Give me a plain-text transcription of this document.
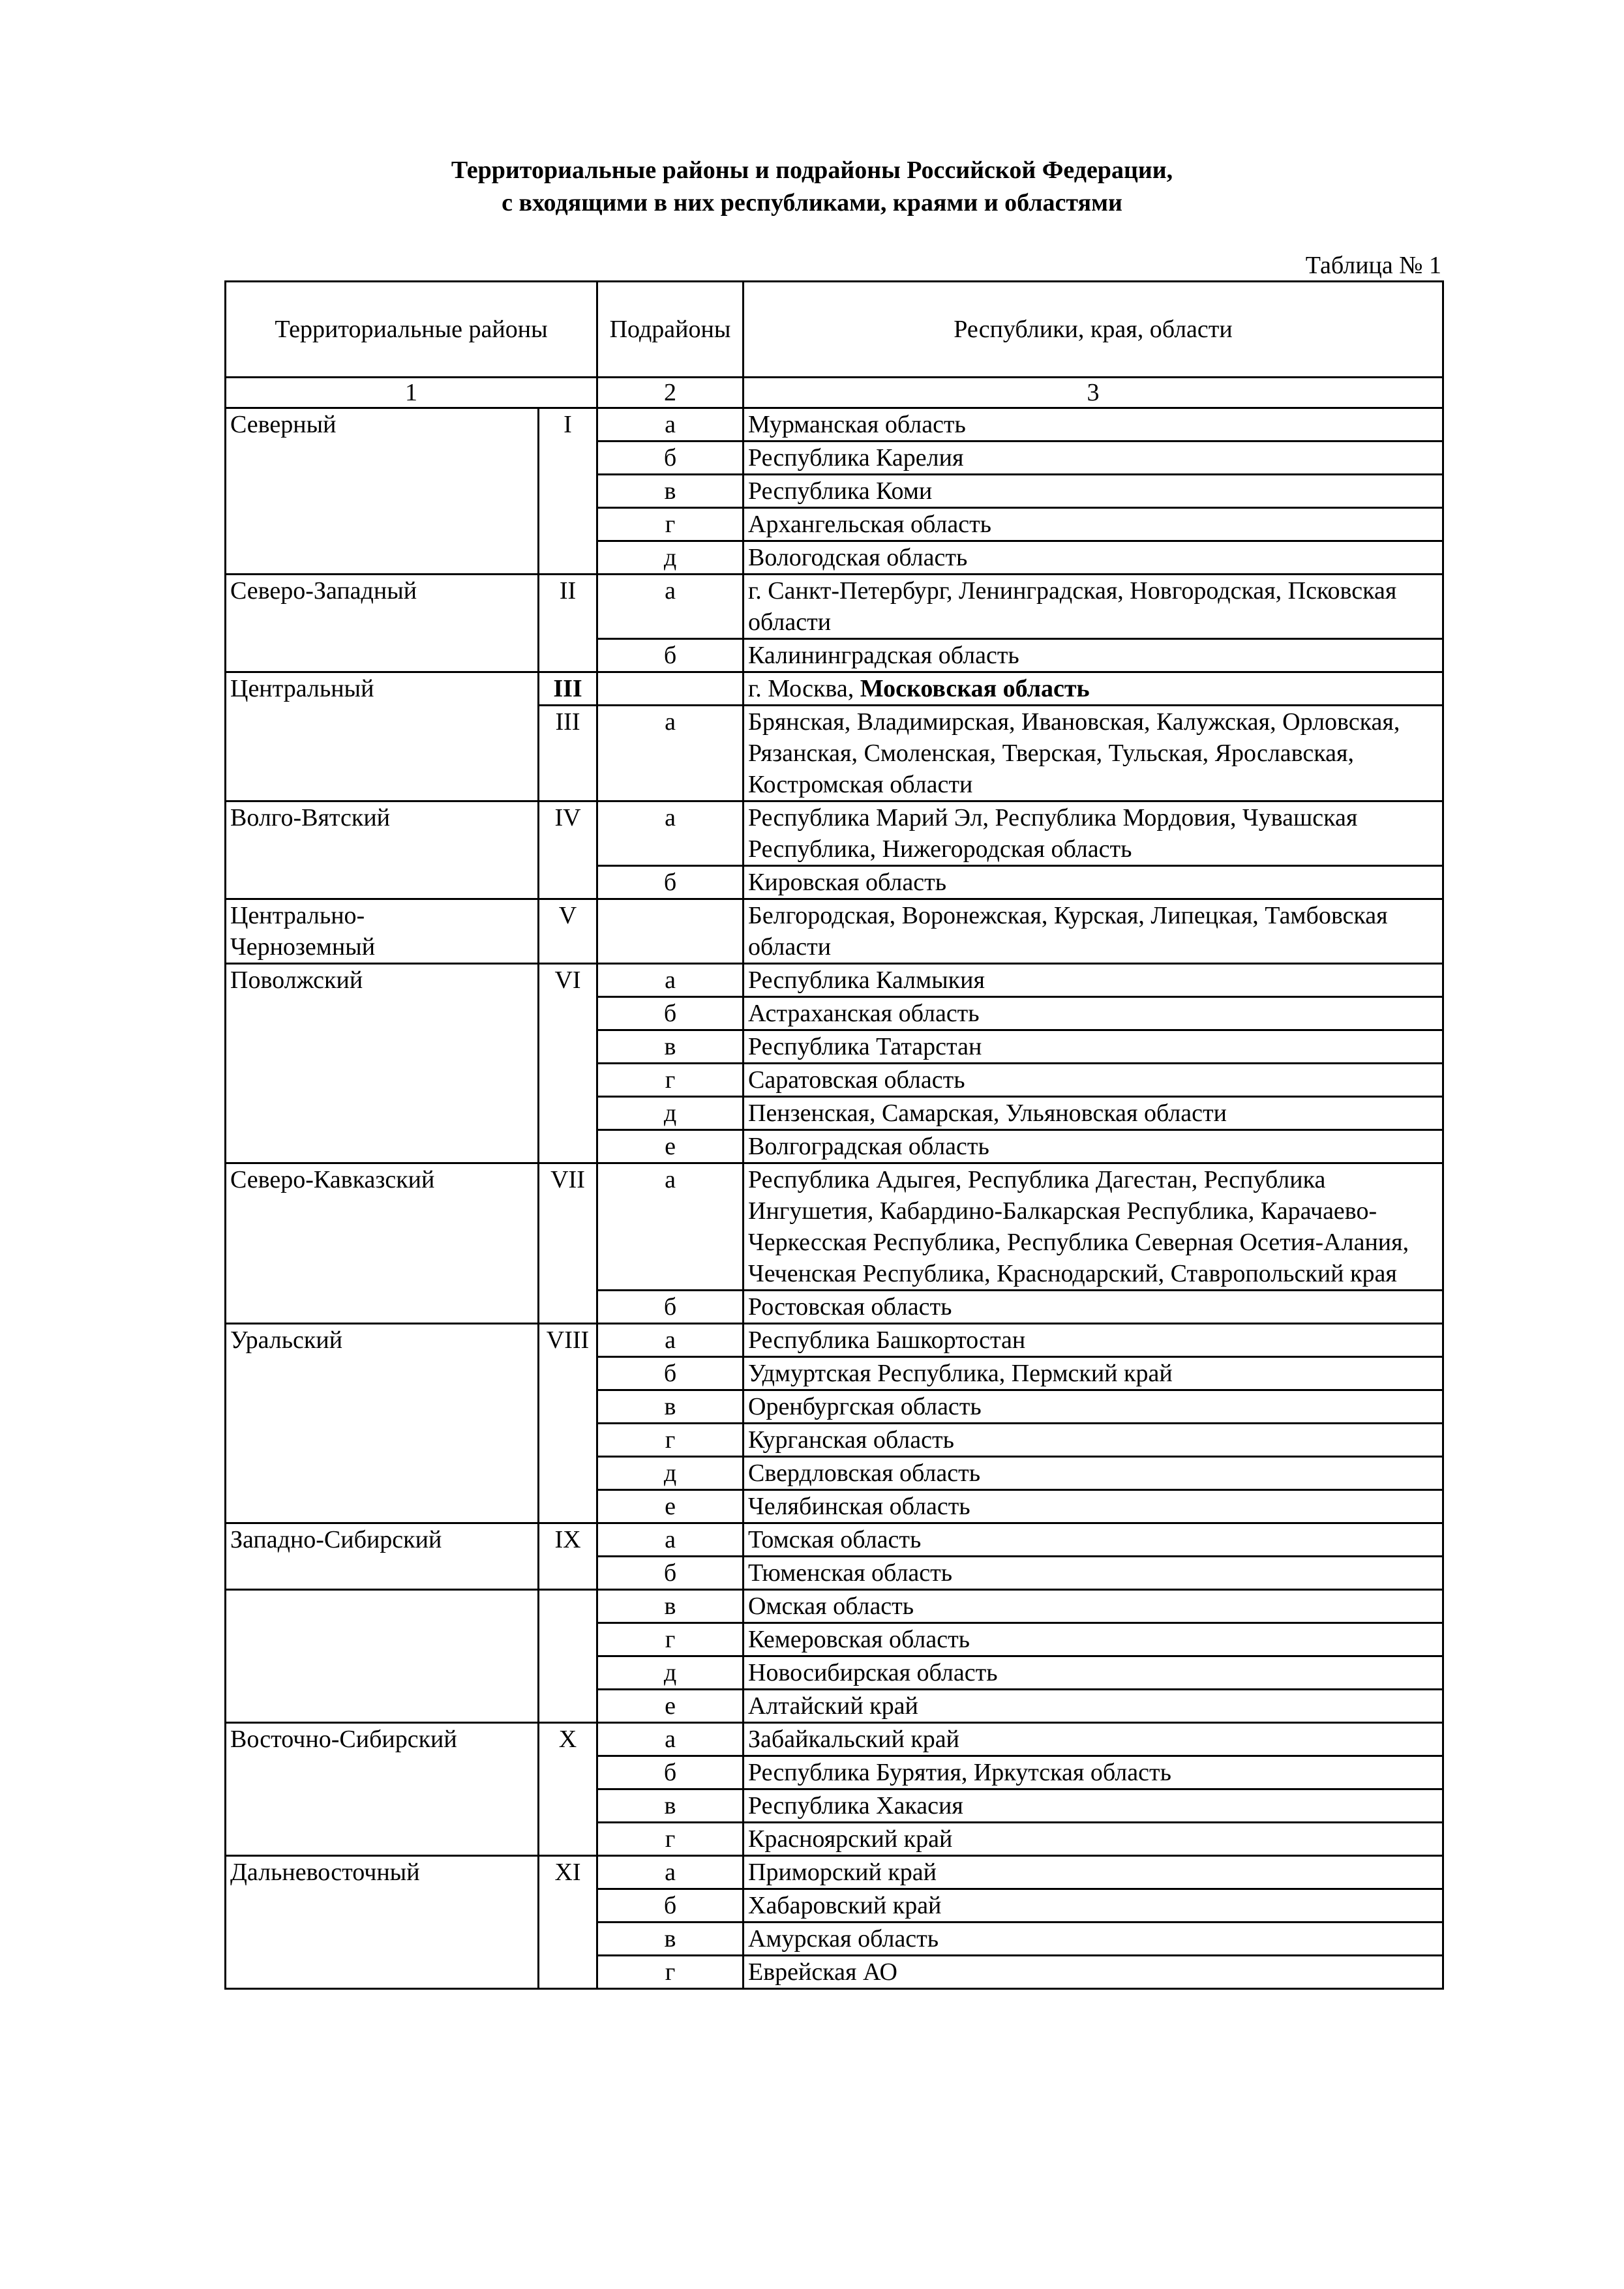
Территориальные районы и подрайоны Российской Федерации,
с входящими в них республиками, краями и областями
Таблица № 1
Территориальные районы		Подрайоны	Республики, края, области
1		2	3
Северный	I	а	Мурманская область
		б	Республика Карелия
		в	Республика Коми
		г	Архангельская область
		д	Вологодская область
Северо-Западный	II	а	г. Санкт-Петербург, Ленинградская, Новгородская, Псковская области
		б	Калининградская область
Центральный	III		г. Москва, Московская область
	III	а	Брянская, Владимирская, Ивановская, Калужская, Орловская, Рязанская, Смоленская, Тверская, Тульская, Ярославская, Костромская области
Волго-Вятский	IV	а	Республика Марий Эл, Республика Мордовия, Чувашская Республика, Нижегородская область
		б	Кировская область
Центрально-Черноземный	V		Белгородская, Воронежская, Курская, Липецкая, Тамбовская области
Поволжский	VI	а	Республика Калмыкия
		б	Астраханская область
		в	Республика Татарстан
		г	Саратовская область
		д	Пензенская, Самарская, Ульяновская области
		е	Волгоградская область
Северо-Кавказский	VII	а	Республика Адыгея, Республика Дагестан, Республика Ингушетия, Кабардино-Балкарская Республика, Карачаево-Черкесская Республика, Республика Северная Осетия-Алания, Чеченская Республика, Краснодарский, Ставропольский края
		б	Ростовская область
Уральский	VIII	а	Республика Башкортостан
		б	Удмуртская Республика, Пермский край
		в	Оренбургская область
		г	Курганская область
		д	Свердловская область
		е	Челябинская область
Западно-Сибирский	IX	а	Томская область
		б	Тюменская область
		в	Омская область
		г	Кемеровская область
		д	Новосибирская область
		е	Алтайский край
Восточно-Сибирский	X	а	Забайкальский край
		б	Республика Бурятия, Иркутская область
		в	Республика Хакасия
		г	Красноярский край
Дальневосточный	XI	а	Приморский край
		б	Хабаровский край
		в	Амурская область
		г	Еврейская АО
